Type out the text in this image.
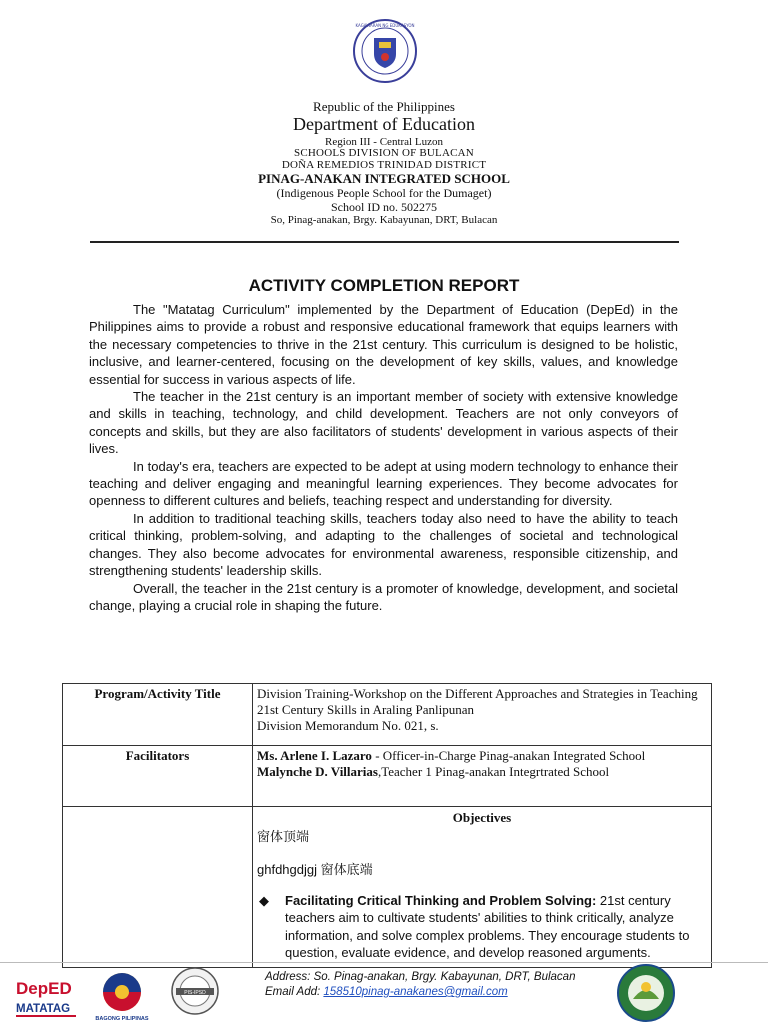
KAGAWARAN NG EDUKASYON
Republic of the Philippines
Department of Education
Region III - Central Luzon
SCHOOLS DIVISION OF BULACAN
DOÑA REMEDIOS TRINIDAD DISTRICT
PINAG-ANAKAN INTEGRATED SCHOOL
(Indigenous People School for the Dumaget)
School ID no. 502275
So, Pinag-anakan, Brgy. Kabayunan, DRT, Bulacan
ACTIVITY COMPLETION REPORT

The "Matatag Curriculum" implemented by the Department of Education (DepEd) in the Philippines aims to provide a robust and responsive educational framework that equips learners with the necessary competencies to thrive in the 21st century. This curriculum is designed to be holistic, inclusive, and learner-centered, focusing on the development of key skills, values, and knowledge essential for success in various aspects of life.

The teacher in the 21st century is an important member of society with extensive knowledge and skills in teaching, technology, and child development. Teachers are not only conveyors of concepts and skills, but they are also facilitators of students' development in various aspects of their lives.

In today's era, teachers are expected to be adept at using modern technology to enhance their teaching and deliver engaging and meaningful learning experiences. They become advocates for openness to different cultures and beliefs, teaching respect and understanding for diversity.

In addition to traditional teaching skills, teachers today also need to have the ability to teach critical thinking, problem-solving, and adapting to the challenges of societal and technological changes. They also become advocates for environmental awareness, responsible citizenship, and strengthening students' leadership skills.

Overall, the teacher in the 21st century is a promoter of knowledge, development, and societal change, playing a crucial role in shaping the future.

Program/Activity Title	Division Training-Workshop on the Different Approaches and Strategies in Teaching 21st Century Skills in Araling Panlipunan
Division Memorandum No. 021, s.

Facilitators	Ms. Arlene I. Lazaro - Officer-in-Charge Pinag-anakan Integrated School
Malynche D. Villarias,Teacher 1 Pinag-anakan Integrtrated School

	Objectives
窗体顶端
ghfdhgdjgj 窗体底端
◆ Facilitating Critical Thinking and Problem Solving: 21st century teachers aim to cultivate students' abilities to think critically, analyze information, and solve complex problems. They encourage students to question, evaluate evidence, and develop reasoned arguments.
DepED
MATATAG
BAGONG PILIPINAS
PIS-IPSD
Address: So. Pinag-anakan, Brgy. Kabayunan, DRT, Bulacan
Email Add: 158510pinag-anakanes@gmail.com
